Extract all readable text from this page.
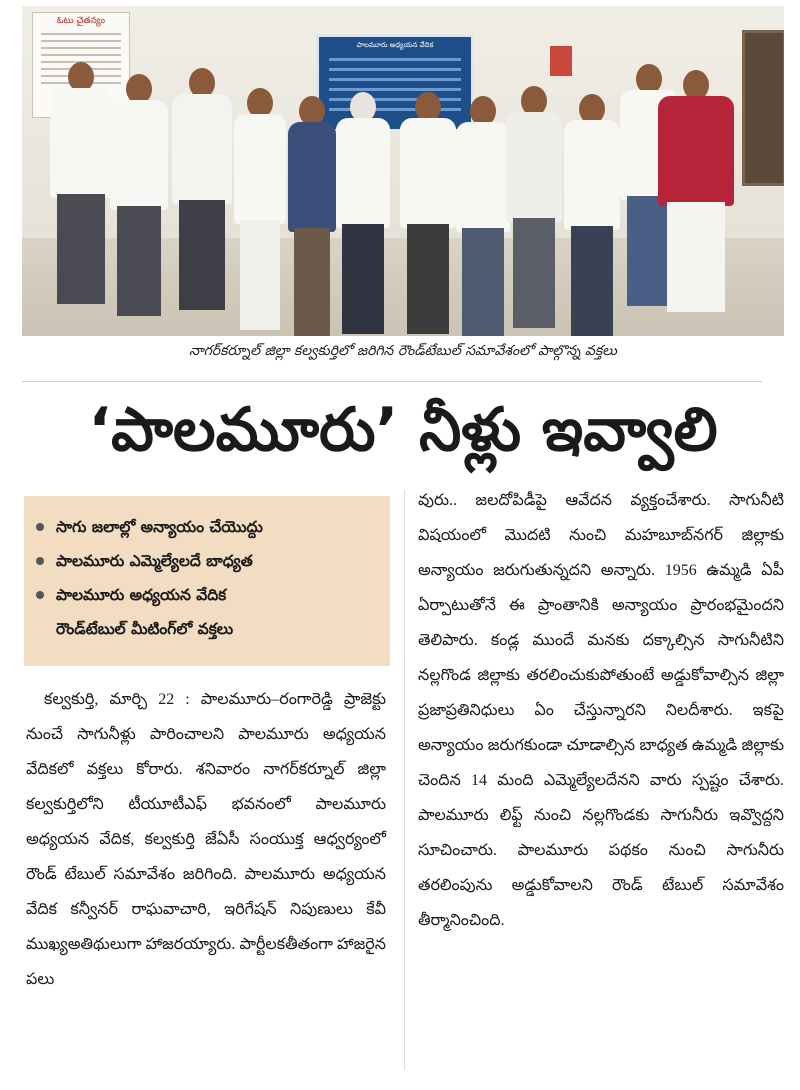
ఓటు చైతన్యం
పాలమూరు అధ్యయన వేదిక
నాగర్‌కర్నూల్ జిల్లా కల్వకుర్తిలో జరిగిన రౌండ్‌టేబుల్ సమావేశంలో పాల్గొన్న వక్తలు
‘పాలమూరు’ నీళ్లు ఇవ్వాలి
సాగు జలాల్లో అన్యాయం చేయొద్దు
పాలమూరు ఎమ్మెల్యేలదే బాధ్యత
పాలమూరు అధ్యయన వేదిక
రౌండ్‌టేబుల్ మీటింగ్‌లో వక్తలు
కల్వకుర్తి, మార్చి 22 : పాలమూరు–రంగారెడ్డి ప్రాజెక్టు నుంచే సాగునీళ్లు పారించాలని పాలమూరు అధ్యయన వేదికలో వక్తలు కోరారు. శనివారం నాగర్‌కర్నూల్ జిల్లా కల్వకుర్తిలోని టీయూటీఎఫ్ భవనంలో పాలమూరు అధ్యయన వేదిక, కల్వకుర్తి జేఏసీ సంయుక్త ఆధ్వర్యంలో రౌండ్ టేబుల్ సమావేశం జరిగింది. పాలమూరు అధ్యయన వేదిక కన్వీనర్ రాఘవాచారి, ఇరిగేషన్ నిపుణులు కేవీ ముఖ్యఅతిథులుగా హాజరయ్యారు. పార్టీలకతీతంగా హాజరైన పలు
వురు.. జలదోపిడీపై ఆవేదన వ్యక్తంచేశారు. సాగునీటి విషయంలో మొదటి నుంచి మహబూబ్‌నగర్ జిల్లాకు అన్యాయం జరుగుతున్నదని అన్నారు. 1956 ఉమ్మడి ఏపీ ఏర్పాటుతోనే ఈ ప్రాంతానికి అన్యాయం ప్రారంభమైందని తెలిపారు. కండ్ల ముందే మనకు దక్కాల్సిన సాగునీటిని నల్లగొండ జిల్లాకు తరలించుకుపోతుంటే అడ్డుకోవాల్సిన జిల్లా ప్రజాప్రతినిధులు ఏం చేస్తున్నారని నిలదీశారు. ఇకపై అన్యాయం జరుగకుండా చూడాల్సిన బాధ్యత ఉమ్మడి జిల్లాకు చెందిన 14 మంది ఎమ్మెల్యేలదేనని వారు స్పష్టం చేశారు. పాలమూరు లిఫ్ట్ నుంచి నల్లగొండకు సాగునీరు ఇవ్వొద్దని సూచించారు. పాలమూరు పథకం నుంచి సాగునీరు తరలింపును అడ్డుకోవాలని రౌండ్ టేబుల్ సమావేశం తీర్మానించింది.
